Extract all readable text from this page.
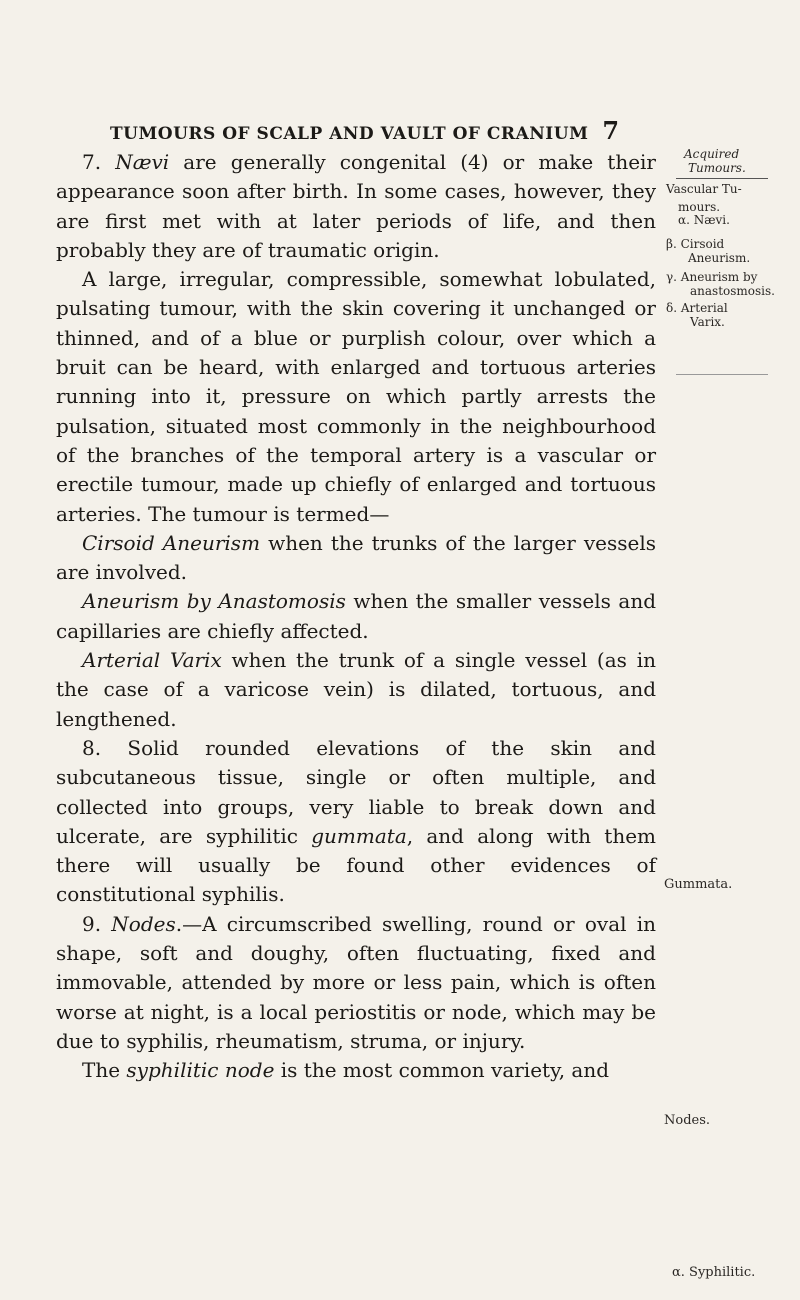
TUMOURS OF SCALP AND VAULT OF CRANIUM 7

7. Nævi are generally congenital (4) or make their appearance soon after birth. In some cases, however, they are first met with at later periods of life, and then probably they are of traumatic origin.

A large, irregular, compressible, somewhat lobulated, pulsating tumour, with the skin covering it unchanged or thinned, and of a blue or purplish colour, over which a bruit can be heard, with enlarged and tortuous arteries running into it, pressure on which partly arrests the pulsation, situated most commonly in the neighbourhood of the branches of the temporal artery is a vascular or erectile tumour, made up chiefly of enlarged and tortuous arteries. The tumour is termed—

Cirsoid Aneurism when the trunks of the larger vessels are involved.

Aneurism by Anastomosis when the smaller vessels and capillaries are chiefly affected.

Arterial Varix when the trunk of a single vessel (as in the case of a varicose vein) is dilated, tortuous, and lengthened.

8. Solid rounded elevations of the skin and subcutaneous tissue, single or often multiple, and collected into groups, very liable to break down and ulcerate, are syphilitic gummata, and along with them there will usually be found other evidences of constitutional syphilis.

9. Nodes.—A circumscribed swelling, round or oval in shape, soft and doughy, often fluctuating, fixed and immovable, attended by more or less pain, which is often worse at night, is a local periostitis or node, which may be due to syphilis, rheumatism, struma, or injury.

The syphilitic node is the most common variety, and

Acquired
Tumours.
Vascular Tu-
mours.
α. Nævi.
β. Cirsoid
Aneurism.
γ. Aneurism by
anastosmosis.
δ. Arterial
Varix.
Gummata.
Nodes.
α. Syphilitic.
